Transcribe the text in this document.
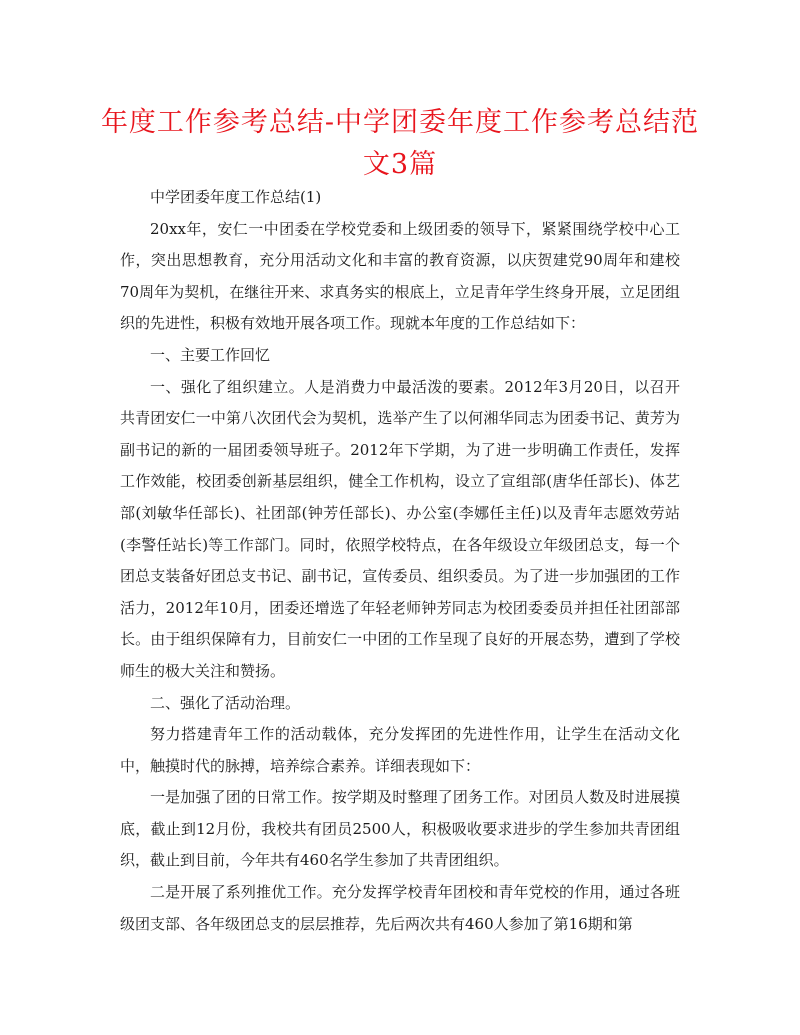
年度工作参考总结-中学团委年度工作参考总结范文3篇

中学团委年度工作总结(1)

20xx年，安仁一中团委在学校党委和上级团委的领导下，紧紧围绕学校中心工作，突出思想教育，充分用活动文化和丰富的教育资源，以庆贺建党90周年和建校70周年为契机，在继往开来、求真务实的根底上，立足青年学生终身开展，立足团组织的先进性，积极有效地开展各项工作。现就本年度的工作总结如下：

一、主要工作回忆

一、强化了组织建立。人是消费力中最活泼的要素。2012年3月20日，以召开共青团安仁一中第八次团代会为契机，选举产生了以何湘华同志为团委书记、黄芳为副书记的新的一届团委领导班子。2012年下学期，为了进一步明确工作责任，发挥工作效能，校团委创新基层组织，健全工作机构，设立了宣组部(唐华任部长)、体艺部(刘敏华任部长)、社团部(钟芳任部长)、办公室(李娜任主任)以及青年志愿效劳站(李警任站长)等工作部门。同时，依照学校特点，在各年级设立年级团总支，每一个团总支装备好团总支书记、副书记，宣传委员、组织委员。为了进一步加强团的工作活力，2012年10月，团委还增选了年轻老师钟芳同志为校团委委员并担任社团部部长。由于组织保障有力，目前安仁一中团的工作呈现了良好的开展态势，遭到了学校师生的极大关注和赞扬。

二、强化了活动治理。

努力搭建青年工作的活动载体，充分发挥团的先进性作用，让学生在活动文化中，触摸时代的脉搏，培养综合素养。详细表现如下：

一是加强了团的日常工作。按学期及时整理了团务工作。对团员人数及时进展摸底，截止到12月份，我校共有团员2500人，积极吸收要求进步的学生参加共青团组织，截止到目前，今年共有460名学生参加了共青团组织。

二是开展了系列推优工作。充分发挥学校青年团校和青年党校的作用，通过各班级团支部、各年级团总支的层层推荐，先后两次共有460人参加了第16期和第
